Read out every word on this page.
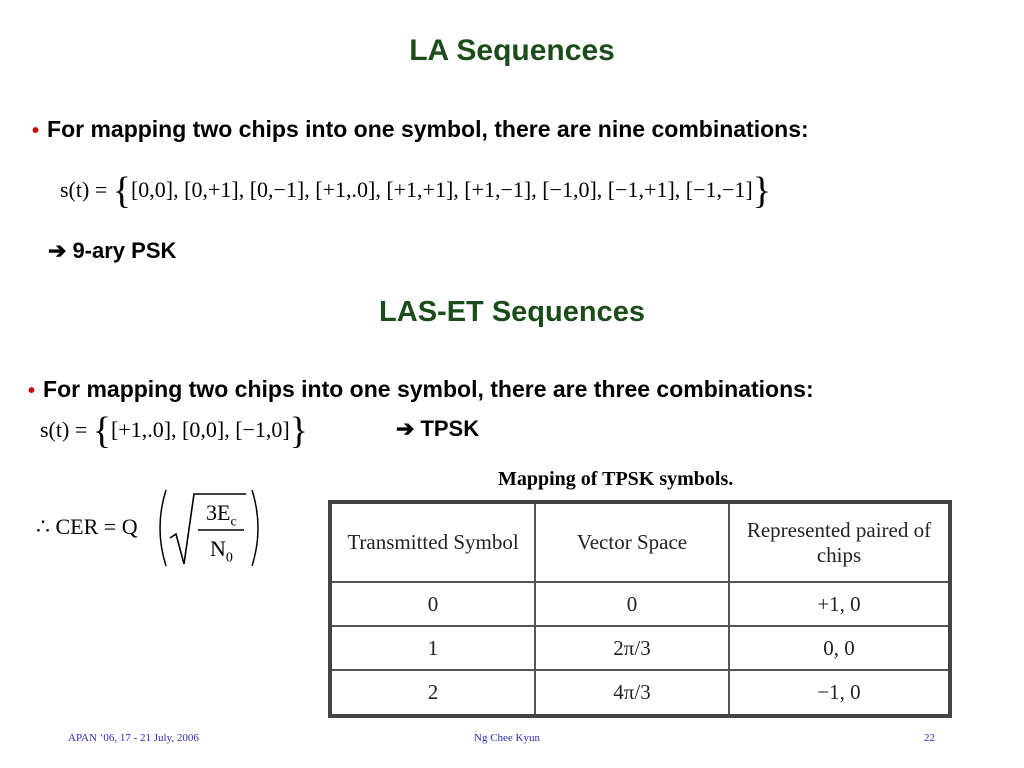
LA Sequences
• For mapping two chips into one symbol, there are nine combinations:
s(t) = {[0,0], [0,+1], [0,−1], [+1,.0], [+1,+1], [+1,−1], [−1,0], [−1,+1], [−1,−1]}
➔ 9-ary PSK
LAS-ET Sequences
• For mapping two chips into one symbol, there are three combinations:
s(t) = {[+1,.0], [0,0], [−1,0]}	➔ TPSK
∴ CER = Q
$3E_c$
$N_0$
Mapping of TPSK symbols.
Transmitted Symbol	Vector Space	Represented paired of chips
0	0	+1, 0
1	2π/3	0, 0
2	4π/3	−1, 0
APAN ‘06, 17 - 21 July, 2006	Ng Chee Kyun	22
